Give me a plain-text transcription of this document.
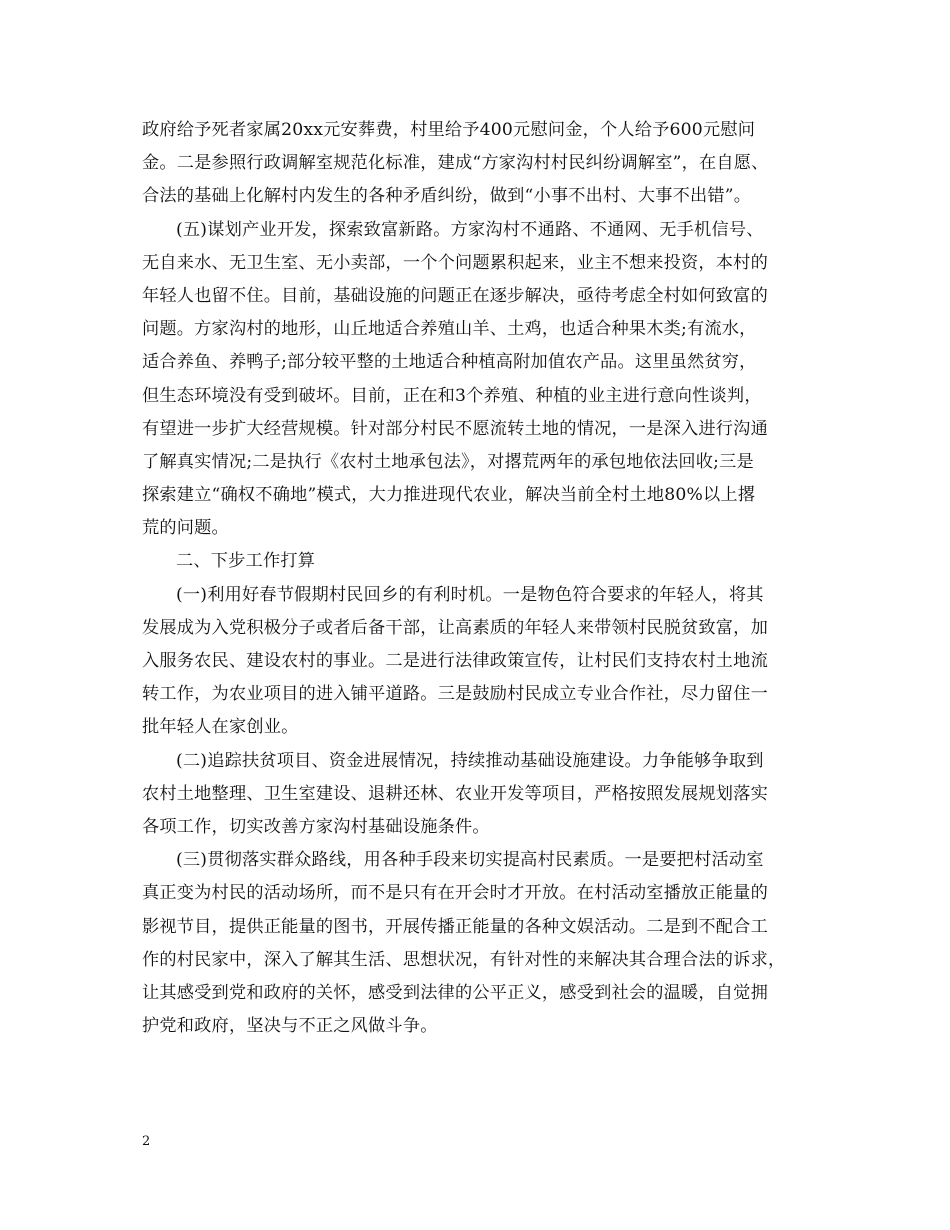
政府给予死者家属20xx元安葬费，村里给予400元慰问金，个人给予600元慰问
金。二是参照行政调解室规范化标准，建成“方家沟村村民纠纷调解室”，在自愿、
合法的基础上化解村内发生的各种矛盾纠纷，做到“小事不出村、大事不出错”。
(五)谋划产业开发，探索致富新路。方家沟村不通路、不通网、无手机信号、
无自来水、无卫生室、无小卖部，一个个问题累积起来，业主不想来投资，本村的
年轻人也留不住。目前，基础设施的问题正在逐步解决，亟待考虑全村如何致富的
问题。方家沟村的地形，山丘地适合养殖山羊、土鸡，也适合种果木类;有流水，
适合养鱼、养鸭子;部分较平整的土地适合种植高附加值农产品。这里虽然贫穷，
但生态环境没有受到破坏。目前，正在和3个养殖、种植的业主进行意向性谈判，
有望进一步扩大经营规模。针对部分村民不愿流转土地的情况，一是深入进行沟通
了解真实情况;二是执行《农村土地承包法》，对撂荒两年的承包地依法回收;三是
探索建立“确权不确地”模式，大力推进现代农业，解决当前全村土地80%以上撂
荒的问题。
二、下步工作打算
(一)利用好春节假期村民回乡的有利时机。一是物色符合要求的年轻人，将其
发展成为入党积极分子或者后备干部，让高素质的年轻人来带领村民脱贫致富，加
入服务农民、建设农村的事业。二是进行法律政策宣传，让村民们支持农村土地流
转工作，为农业项目的进入铺平道路。三是鼓励村民成立专业合作社，尽力留住一
批年轻人在家创业。
(二)追踪扶贫项目、资金进展情况，持续推动基础设施建设。力争能够争取到
农村土地整理、卫生室建设、退耕还林、农业开发等项目，严格按照发展规划落实
各项工作，切实改善方家沟村基础设施条件。
(三)贯彻落实群众路线，用各种手段来切实提高村民素质。一是要把村活动室
真正变为村民的活动场所，而不是只有在开会时才开放。在村活动室播放正能量的
影视节目，提供正能量的图书，开展传播正能量的各种文娱活动。二是到不配合工
作的村民家中，深入了解其生活、思想状况，有针对性的来解决其合理合法的诉求，
让其感受到党和政府的关怀，感受到法律的公平正义，感受到社会的温暖，自觉拥
护党和政府，坚决与不正之风做斗争。
2
